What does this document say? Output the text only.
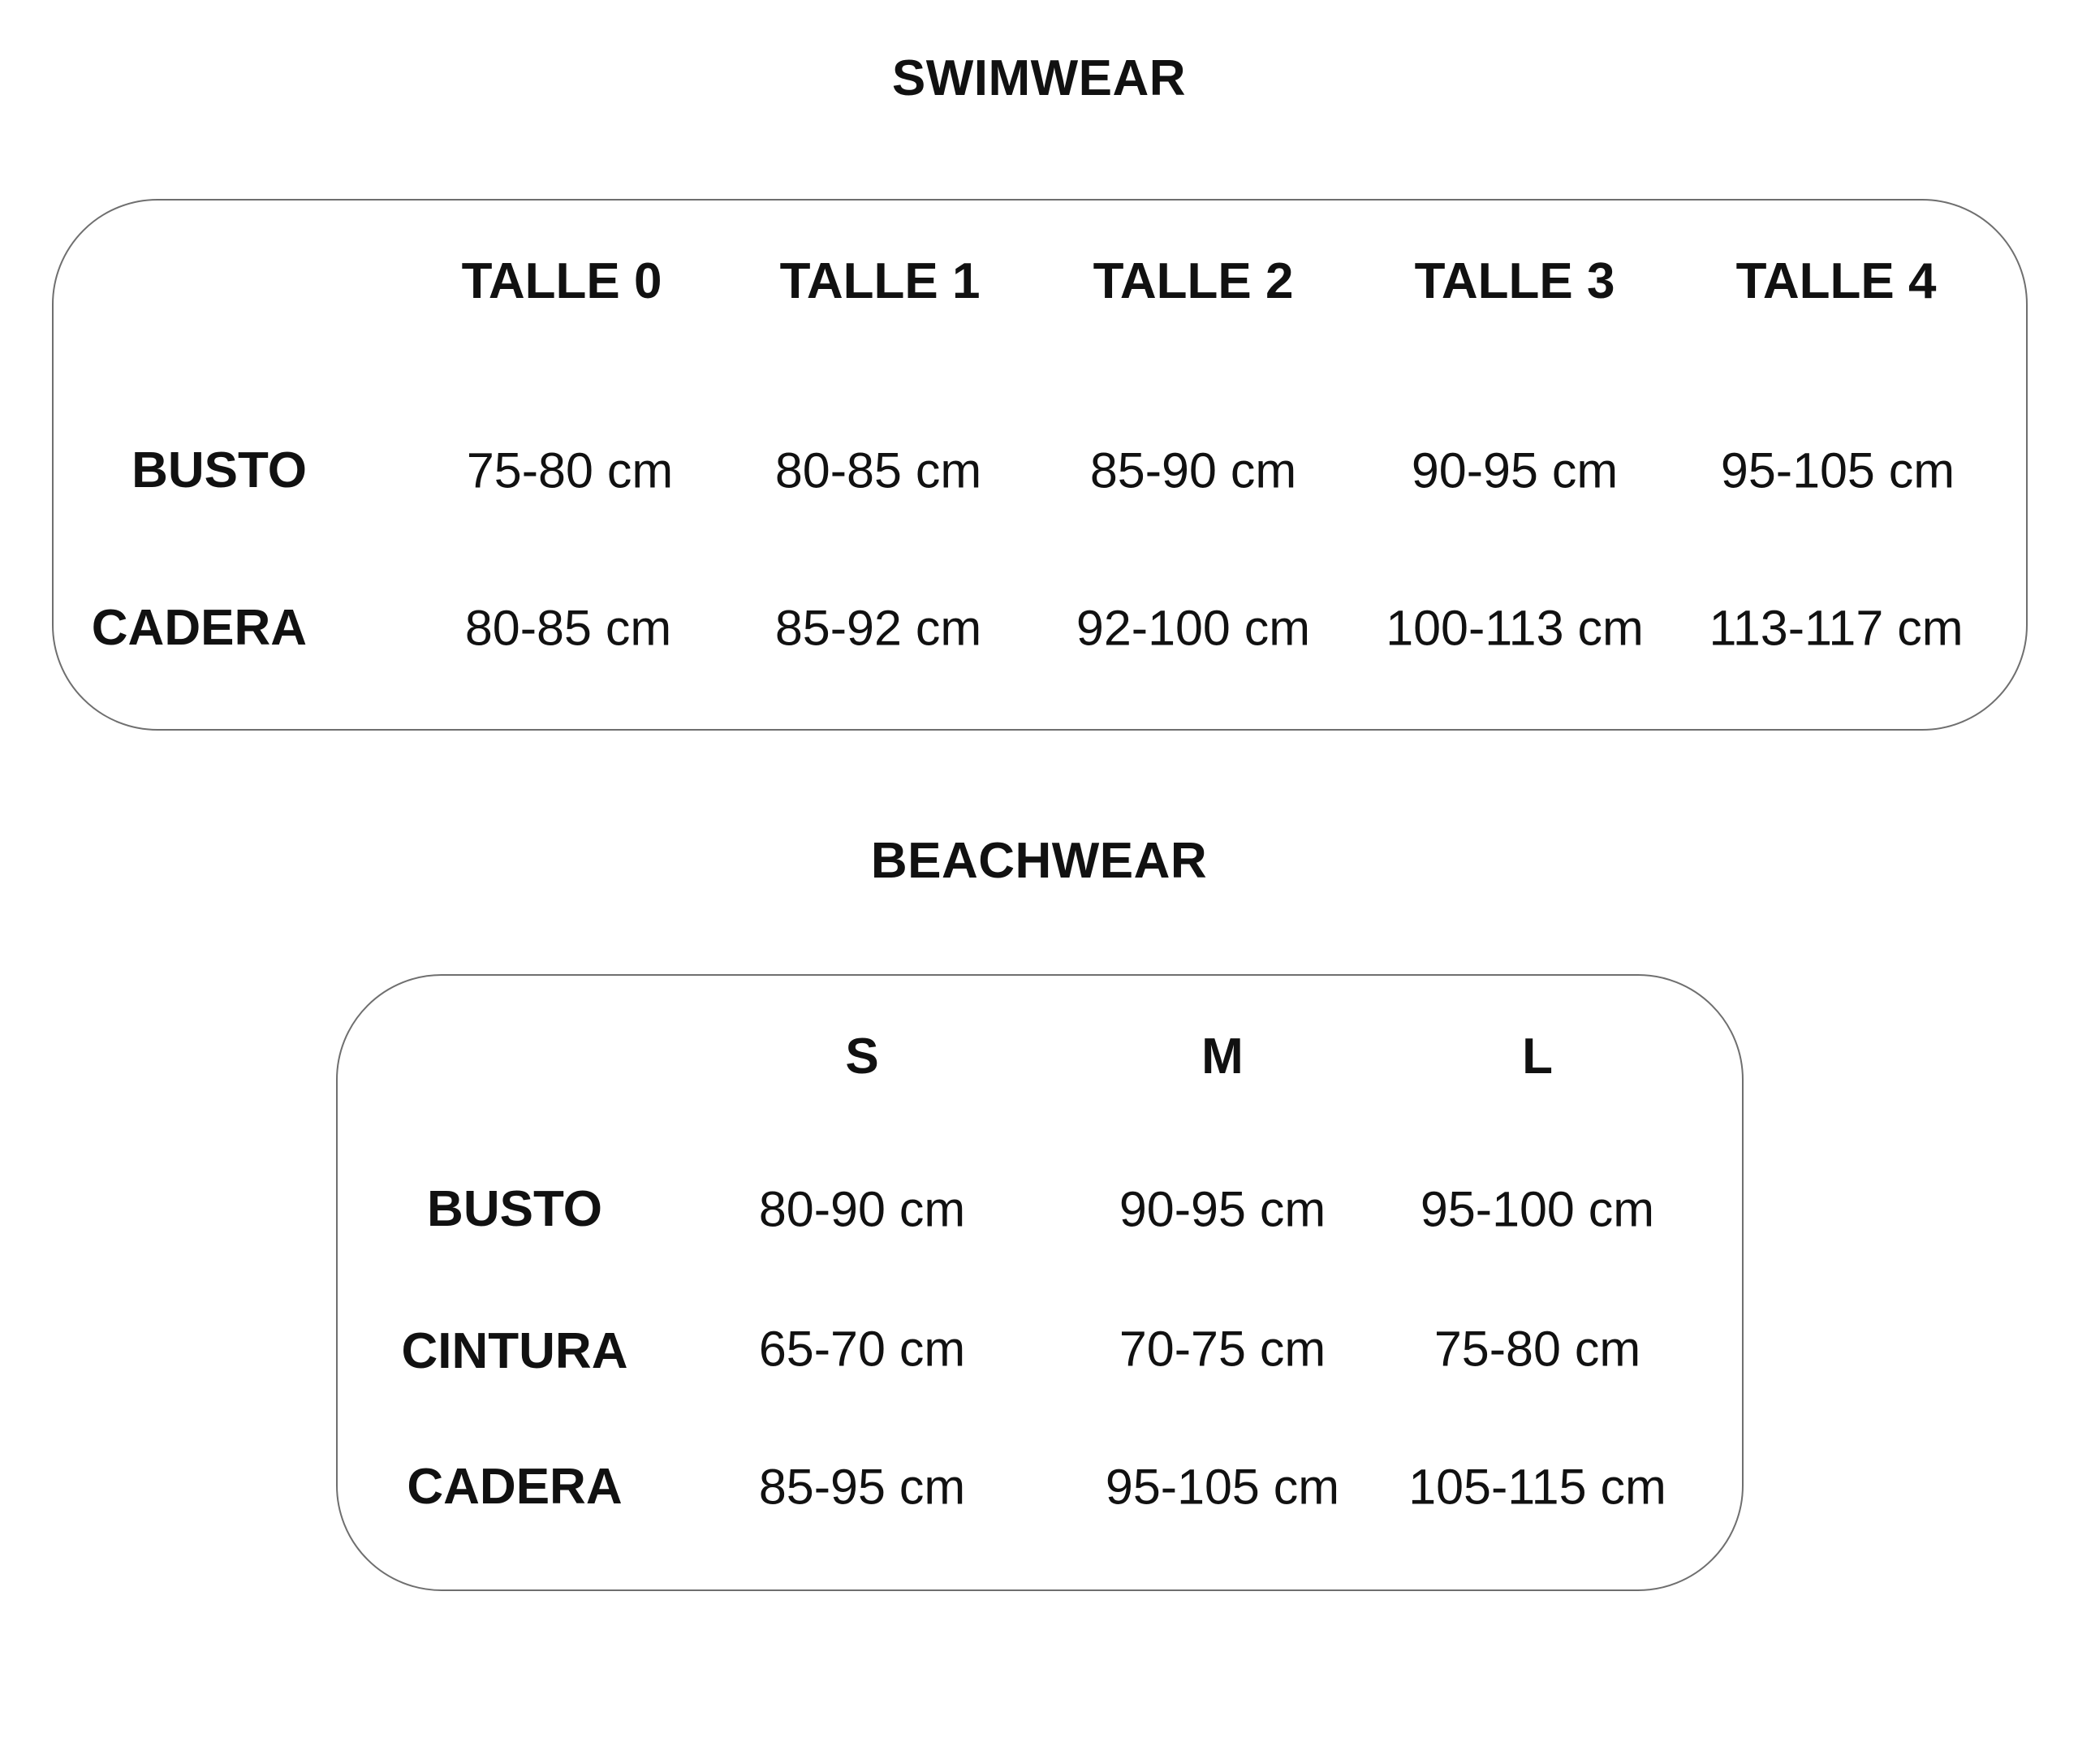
SWIMWEAR
TALLE 0 TALLE 1 TALLE 2 TALLE 3 TALLE 4
BUSTO	75-80 cm 80-85 cm 85-90 cm 90-95 cm 95-105 cm
CADERA	80-85 cm 85-92 cm 92-100 cm 100-113 cm 113-117 cm
BEACHWEAR
S	M	L
BUSTO	80-90 cm	90-95 cm 95-100 cm
CINTURA	65-70 cm	70-75 cm 75-80 cm
CADERA	85-95 cm	95-105 cm 105-115 cm
